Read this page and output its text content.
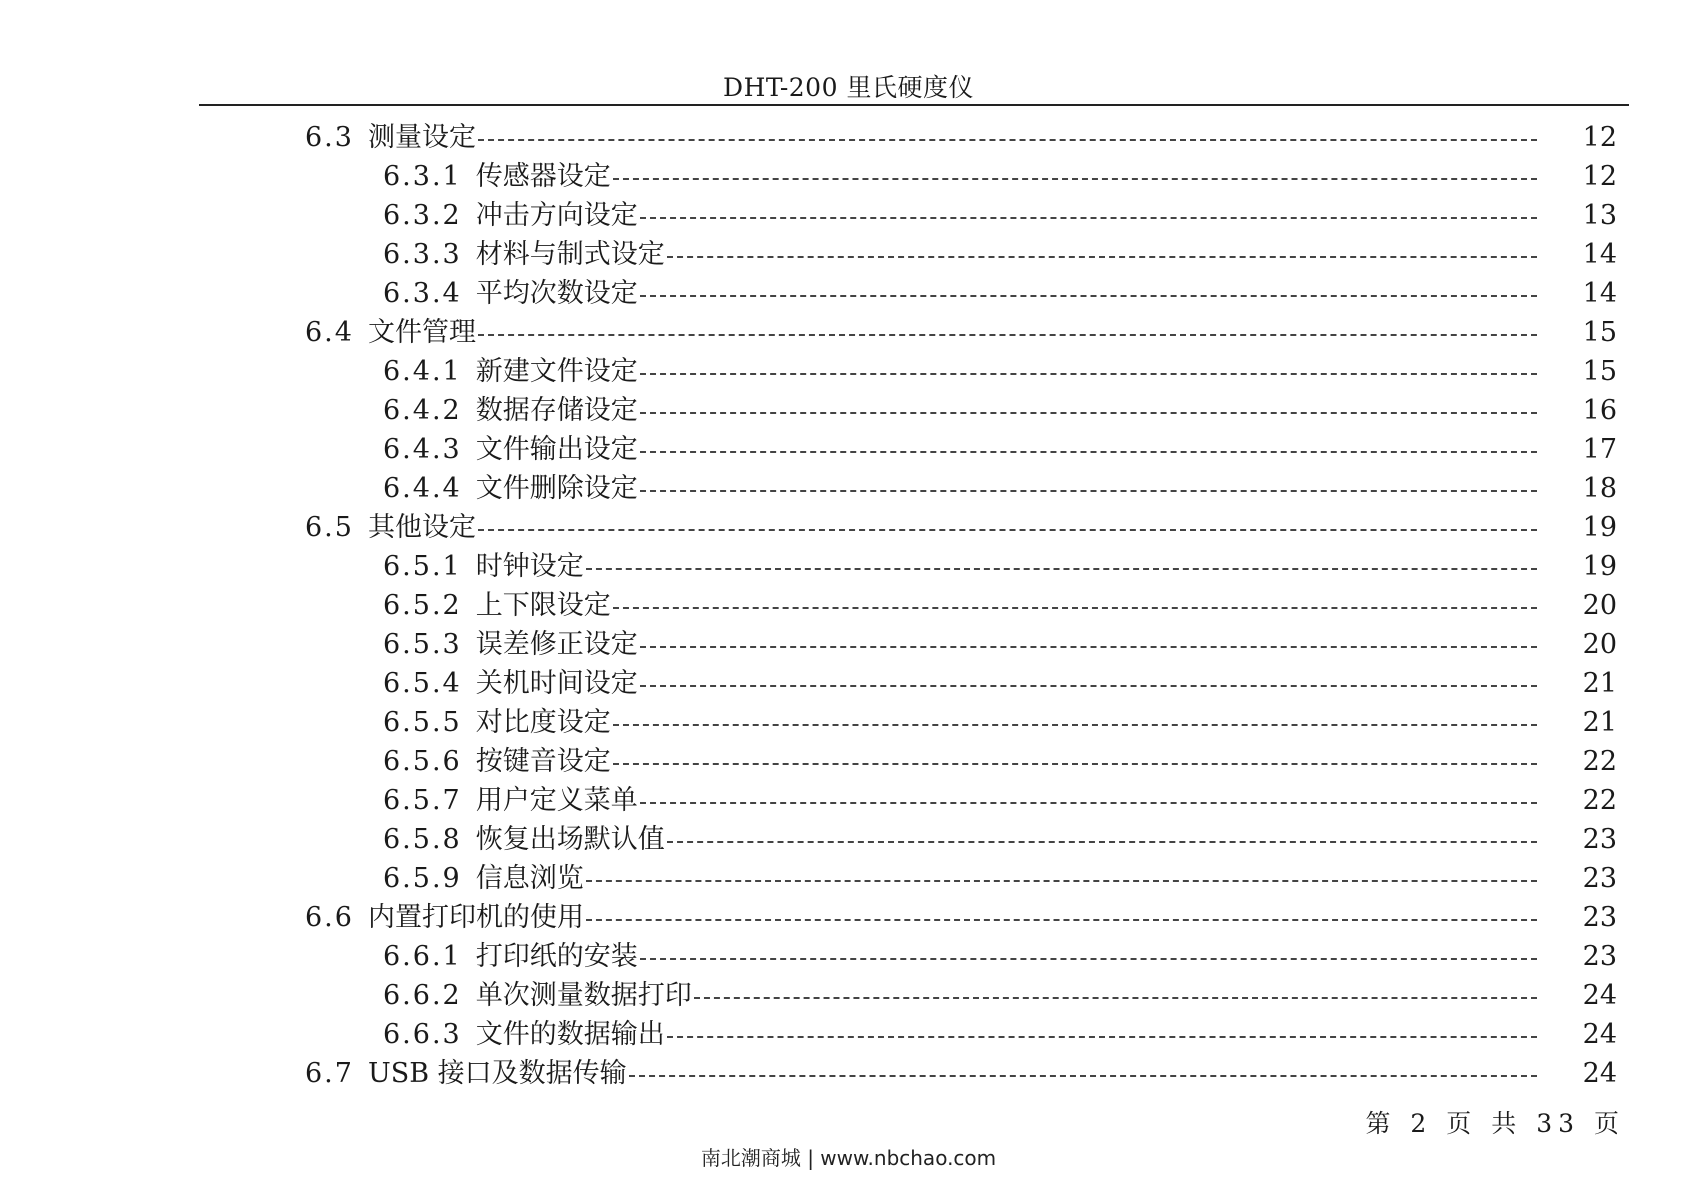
DHT-200 里氏硬度仪
6.3 测量设定	12
6.3.1 传感器设定	12
6.3.2 冲击方向设定	13
6.3.3 材料与制式设定	14
6.3.4 平均次数设定	14
6.4 文件管理	15
6.4.1 新建文件设定	15
6.4.2 数据存储设定	16
6.4.3 文件输出设定	17
6.4.4 文件删除设定	18
6.5 其他设定	19
6.5.1 时钟设定	19
6.5.2 上下限设定	20
6.5.3 误差修正设定	20
6.5.4 关机时间设定	21
6.5.5 对比度设定	21
6.5.6 按键音设定	22
6.5.7 用户定义菜单	22
6.5.8 恢复出场默认值	23
6.5.9 信息浏览	23
6.6 内置打印机的使用	23
6.6.1 打印纸的安装	23
6.6.2 单次测量数据打印	24
6.6.3 文件的数据输出	24
6.7 USB 接口及数据传输	24
第 2 页 共 33 页
南北潮商城 | www.nbchao.com
